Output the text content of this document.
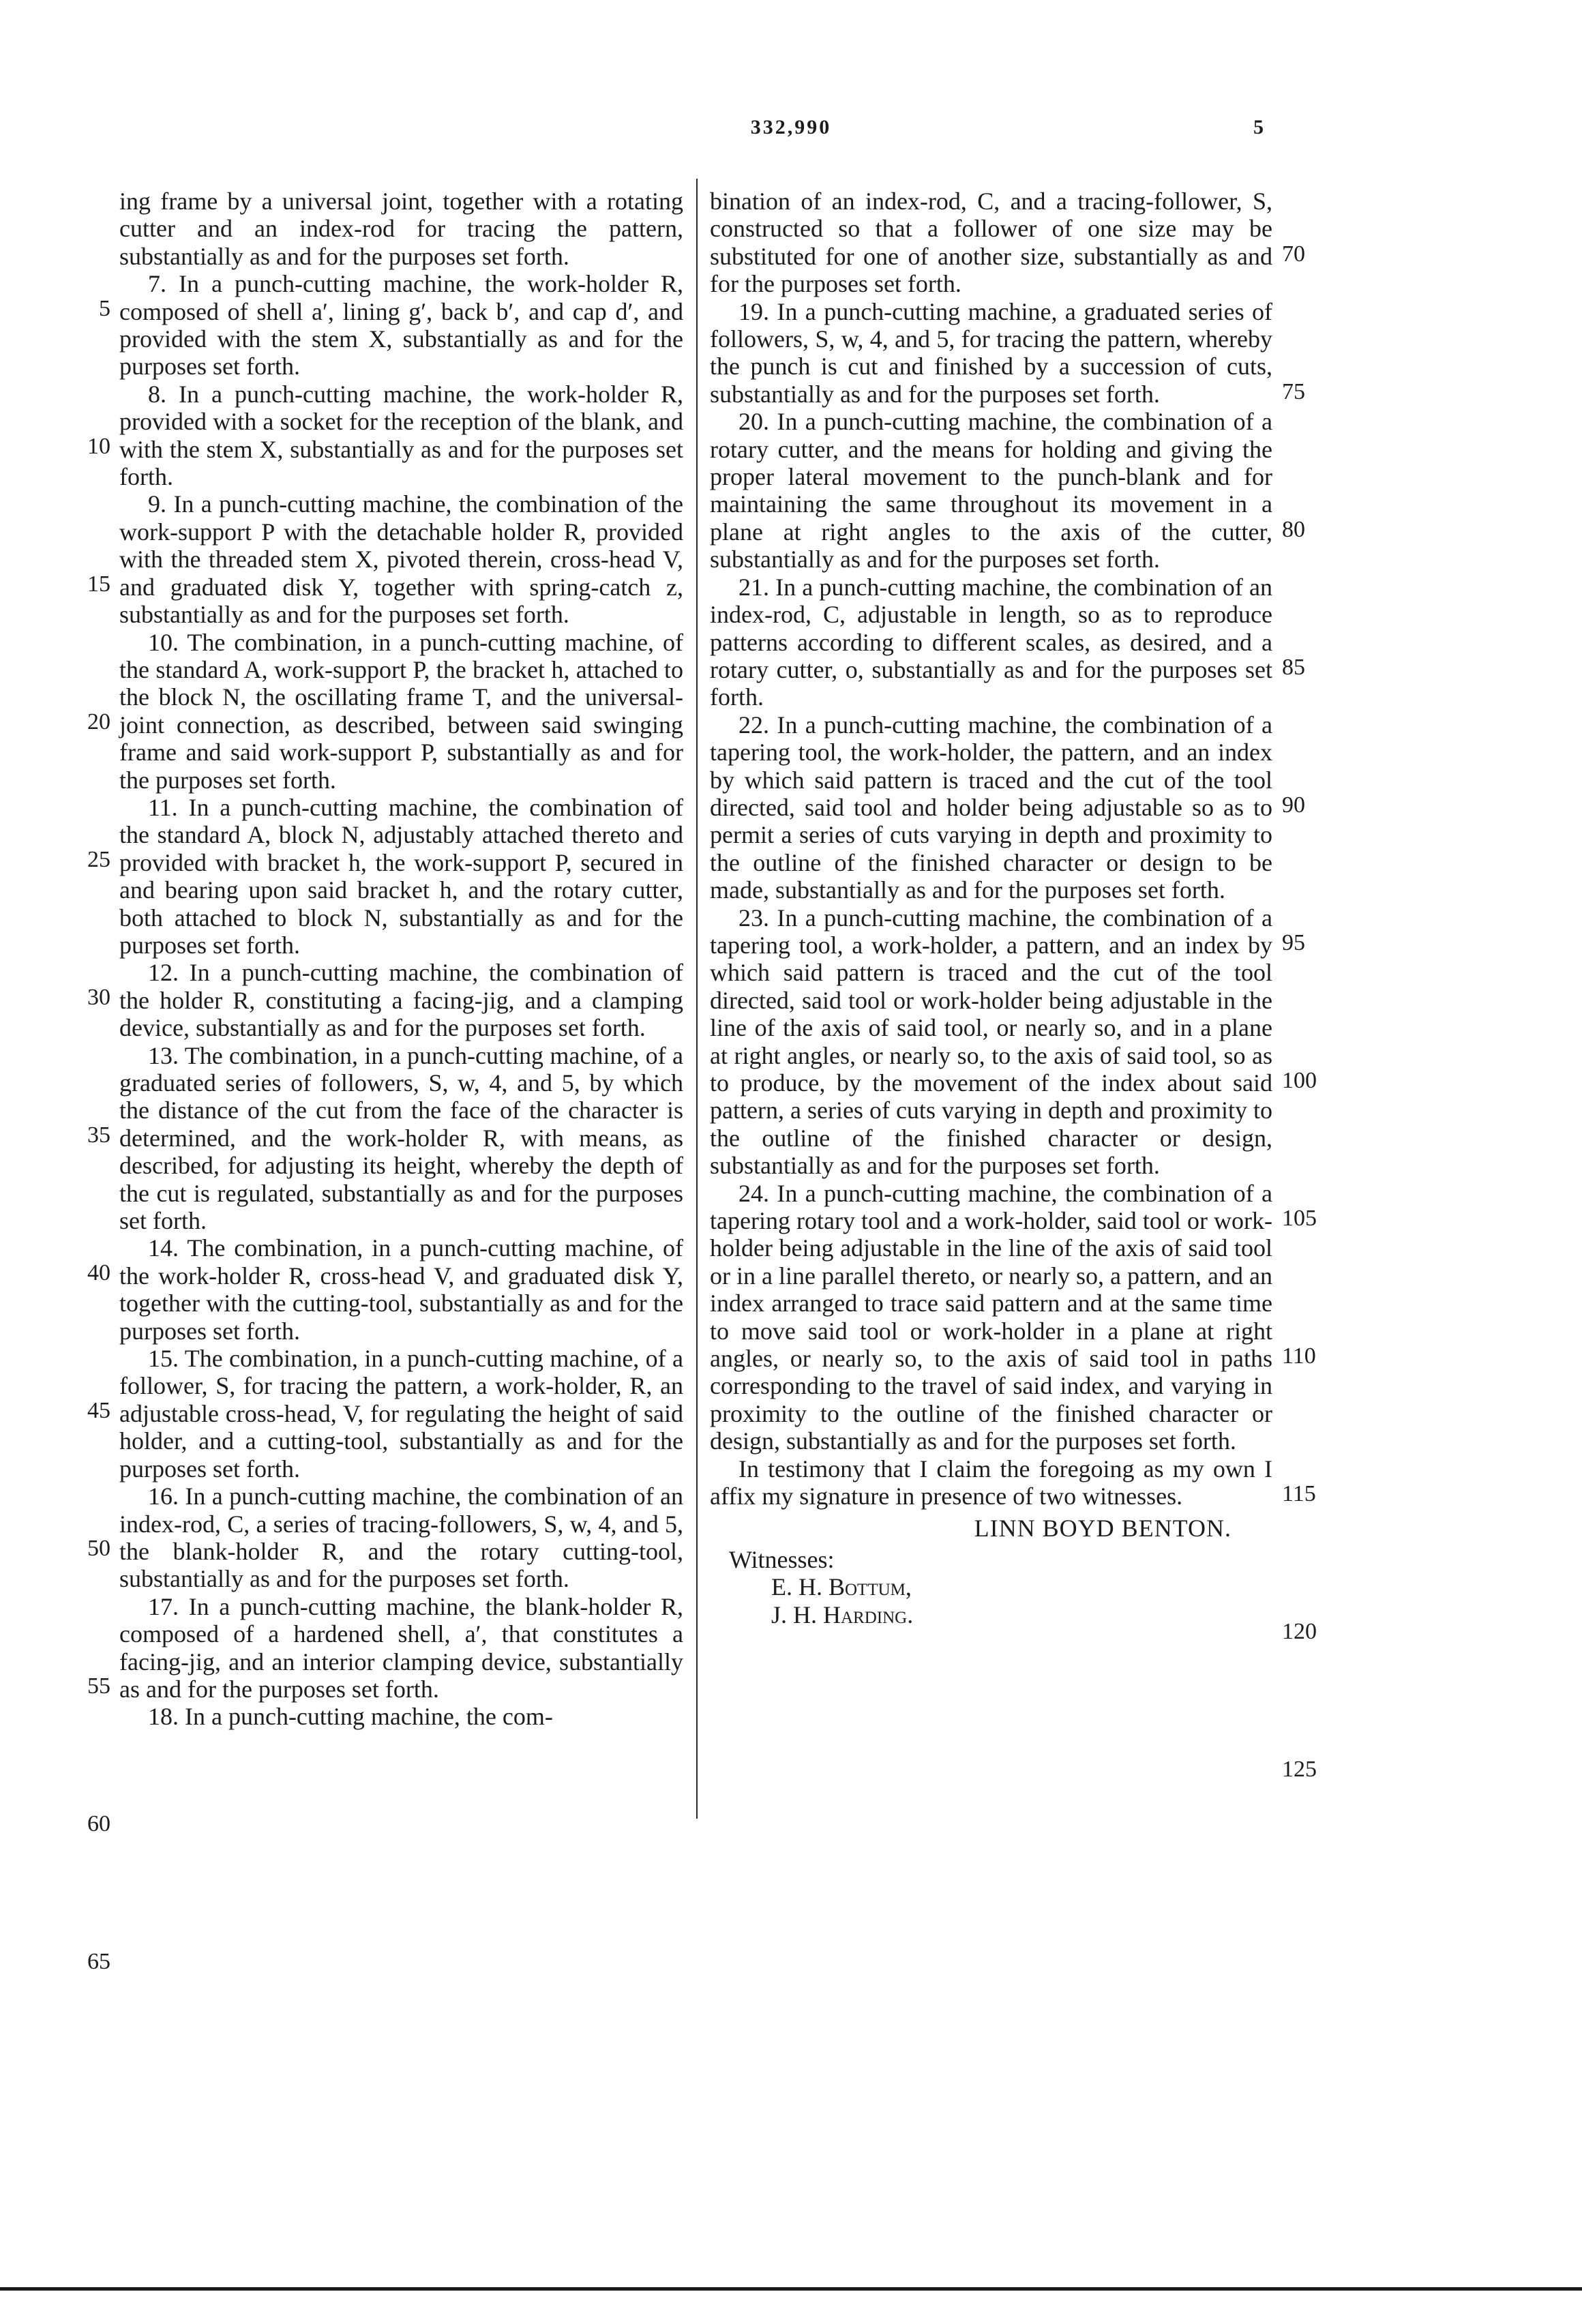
332,990	5

ing frame by a universal joint, together with a rotating cutter and an index-rod for tracing the pattern, substantially as and for the purposes set forth.

7. In a punch-cutting machine, the work-holder R, composed of shell a′, lining g′, back b′, and cap d′, and provided with the stem X, substantially as and for the purposes set forth.

8. In a punch-cutting machine, the work-holder R, provided with a socket for the reception of the blank, and with the stem X, substantially as and for the purposes set forth.

9. In a punch-cutting machine, the combination of the work-support P with the detachable holder R, provided with the threaded stem X, pivoted therein, cross-head V, and graduated disk Y, together with spring-catch z, substantially as and for the purposes set forth.

10. The combination, in a punch-cutting machine, of the standard A, work-support P, the bracket h, attached to the block N, the oscillating frame T, and the universal-joint connection, as described, between said swinging frame and said work-support P, substantially as and for the purposes set forth.

11. In a punch-cutting machine, the combination of the standard A, block N, adjustably attached thereto and provided with bracket h, the work-support P, secured in and bearing upon said bracket h, and the rotary cutter, both attached to block N, substantially as and for the purposes set forth.

12. In a punch-cutting machine, the combination of the holder R, constituting a facing-jig, and a clamping device, substantially as and for the purposes set forth.

13. The combination, in a punch-cutting machine, of a graduated series of followers, S, w, 4, and 5, by which the distance of the cut from the face of the character is determined, and the work-holder R, with means, as described, for adjusting its height, whereby the depth of the cut is regulated, substantially as and for the purposes set forth.

14. The combination, in a punch-cutting machine, of the work-holder R, cross-head V, and graduated disk Y, together with the cutting-tool, substantially as and for the purposes set forth.

15. The combination, in a punch-cutting machine, of a follower, S, for tracing the pattern, a work-holder, R, an adjustable cross-head, V, for regulating the height of said holder, and a cutting-tool, substantially as and for the purposes set forth.

16. In a punch-cutting machine, the combination of an index-rod, C, a series of tracing-followers, S, w, 4, and 5, the blank-holder R, and the rotary cutting-tool, substantially as and for the purposes set forth.

17. In a punch-cutting machine, the blank-holder R, composed of a hardened shell, a′, that constitutes a facing-jig, and an interior clamping device, substantially as and for the purposes set forth.

18. In a punch-cutting machine, the com-

bination of an index-rod, C, and a tracing-follower, S, constructed so that a follower of one size may be substituted for one of another size, substantially as and for the purposes set forth.

19. In a punch-cutting machine, a graduated series of followers, S, w, 4, and 5, for tracing the pattern, whereby the punch is cut and finished by a succession of cuts, substantially as and for the purposes set forth.

20. In a punch-cutting machine, the combination of a rotary cutter, and the means for holding and giving the proper lateral movement to the punch-blank and for maintaining the same throughout its movement in a plane at right angles to the axis of the cutter, substantially as and for the purposes set forth.

21. In a punch-cutting machine, the combination of an index-rod, C, adjustable in length, so as to reproduce patterns according to different scales, as desired, and a rotary cutter, o, substantially as and for the purposes set forth.

22. In a punch-cutting machine, the combination of a tapering tool, the work-holder, the pattern, and an index by which said pattern is traced and the cut of the tool directed, said tool and holder being adjustable so as to permit a series of cuts varying in depth and proximity to the outline of the finished character or design to be made, substantially as and for the purposes set forth.

23. In a punch-cutting machine, the combination of a tapering tool, a work-holder, a pattern, and an index by which said pattern is traced and the cut of the tool directed, said tool or work-holder being adjustable in the line of the axis of said tool, or nearly so, and in a plane at right angles, or nearly so, to the axis of said tool, so as to produce, by the movement of the index about said pattern, a series of cuts varying in depth and proximity to the outline of the finished character or design, substantially as and for the purposes set forth.

24. In a punch-cutting machine, the combination of a tapering rotary tool and a work-holder, said tool or work-holder being adjustable in the line of the axis of said tool or in a line parallel thereto, or nearly so, a pattern, and an index arranged to trace said pattern and at the same time to move said tool or work-holder in a plane at right angles, or nearly so, to the axis of said tool in paths corresponding to the travel of said index, and varying in proximity to the outline of the finished character or design, substantially as and for the purposes set forth.

In testimony that I claim the foregoing as my own I affix my signature in presence of two witnesses.

LINN BOYD BENTON.

Witnesses:

E. H. Bottum,

J. H. Harding.

5
10
15
20
25
30
35
40
45
50
55
60
65
70
75
80
85
90
95
100
105
110
115
120
125
